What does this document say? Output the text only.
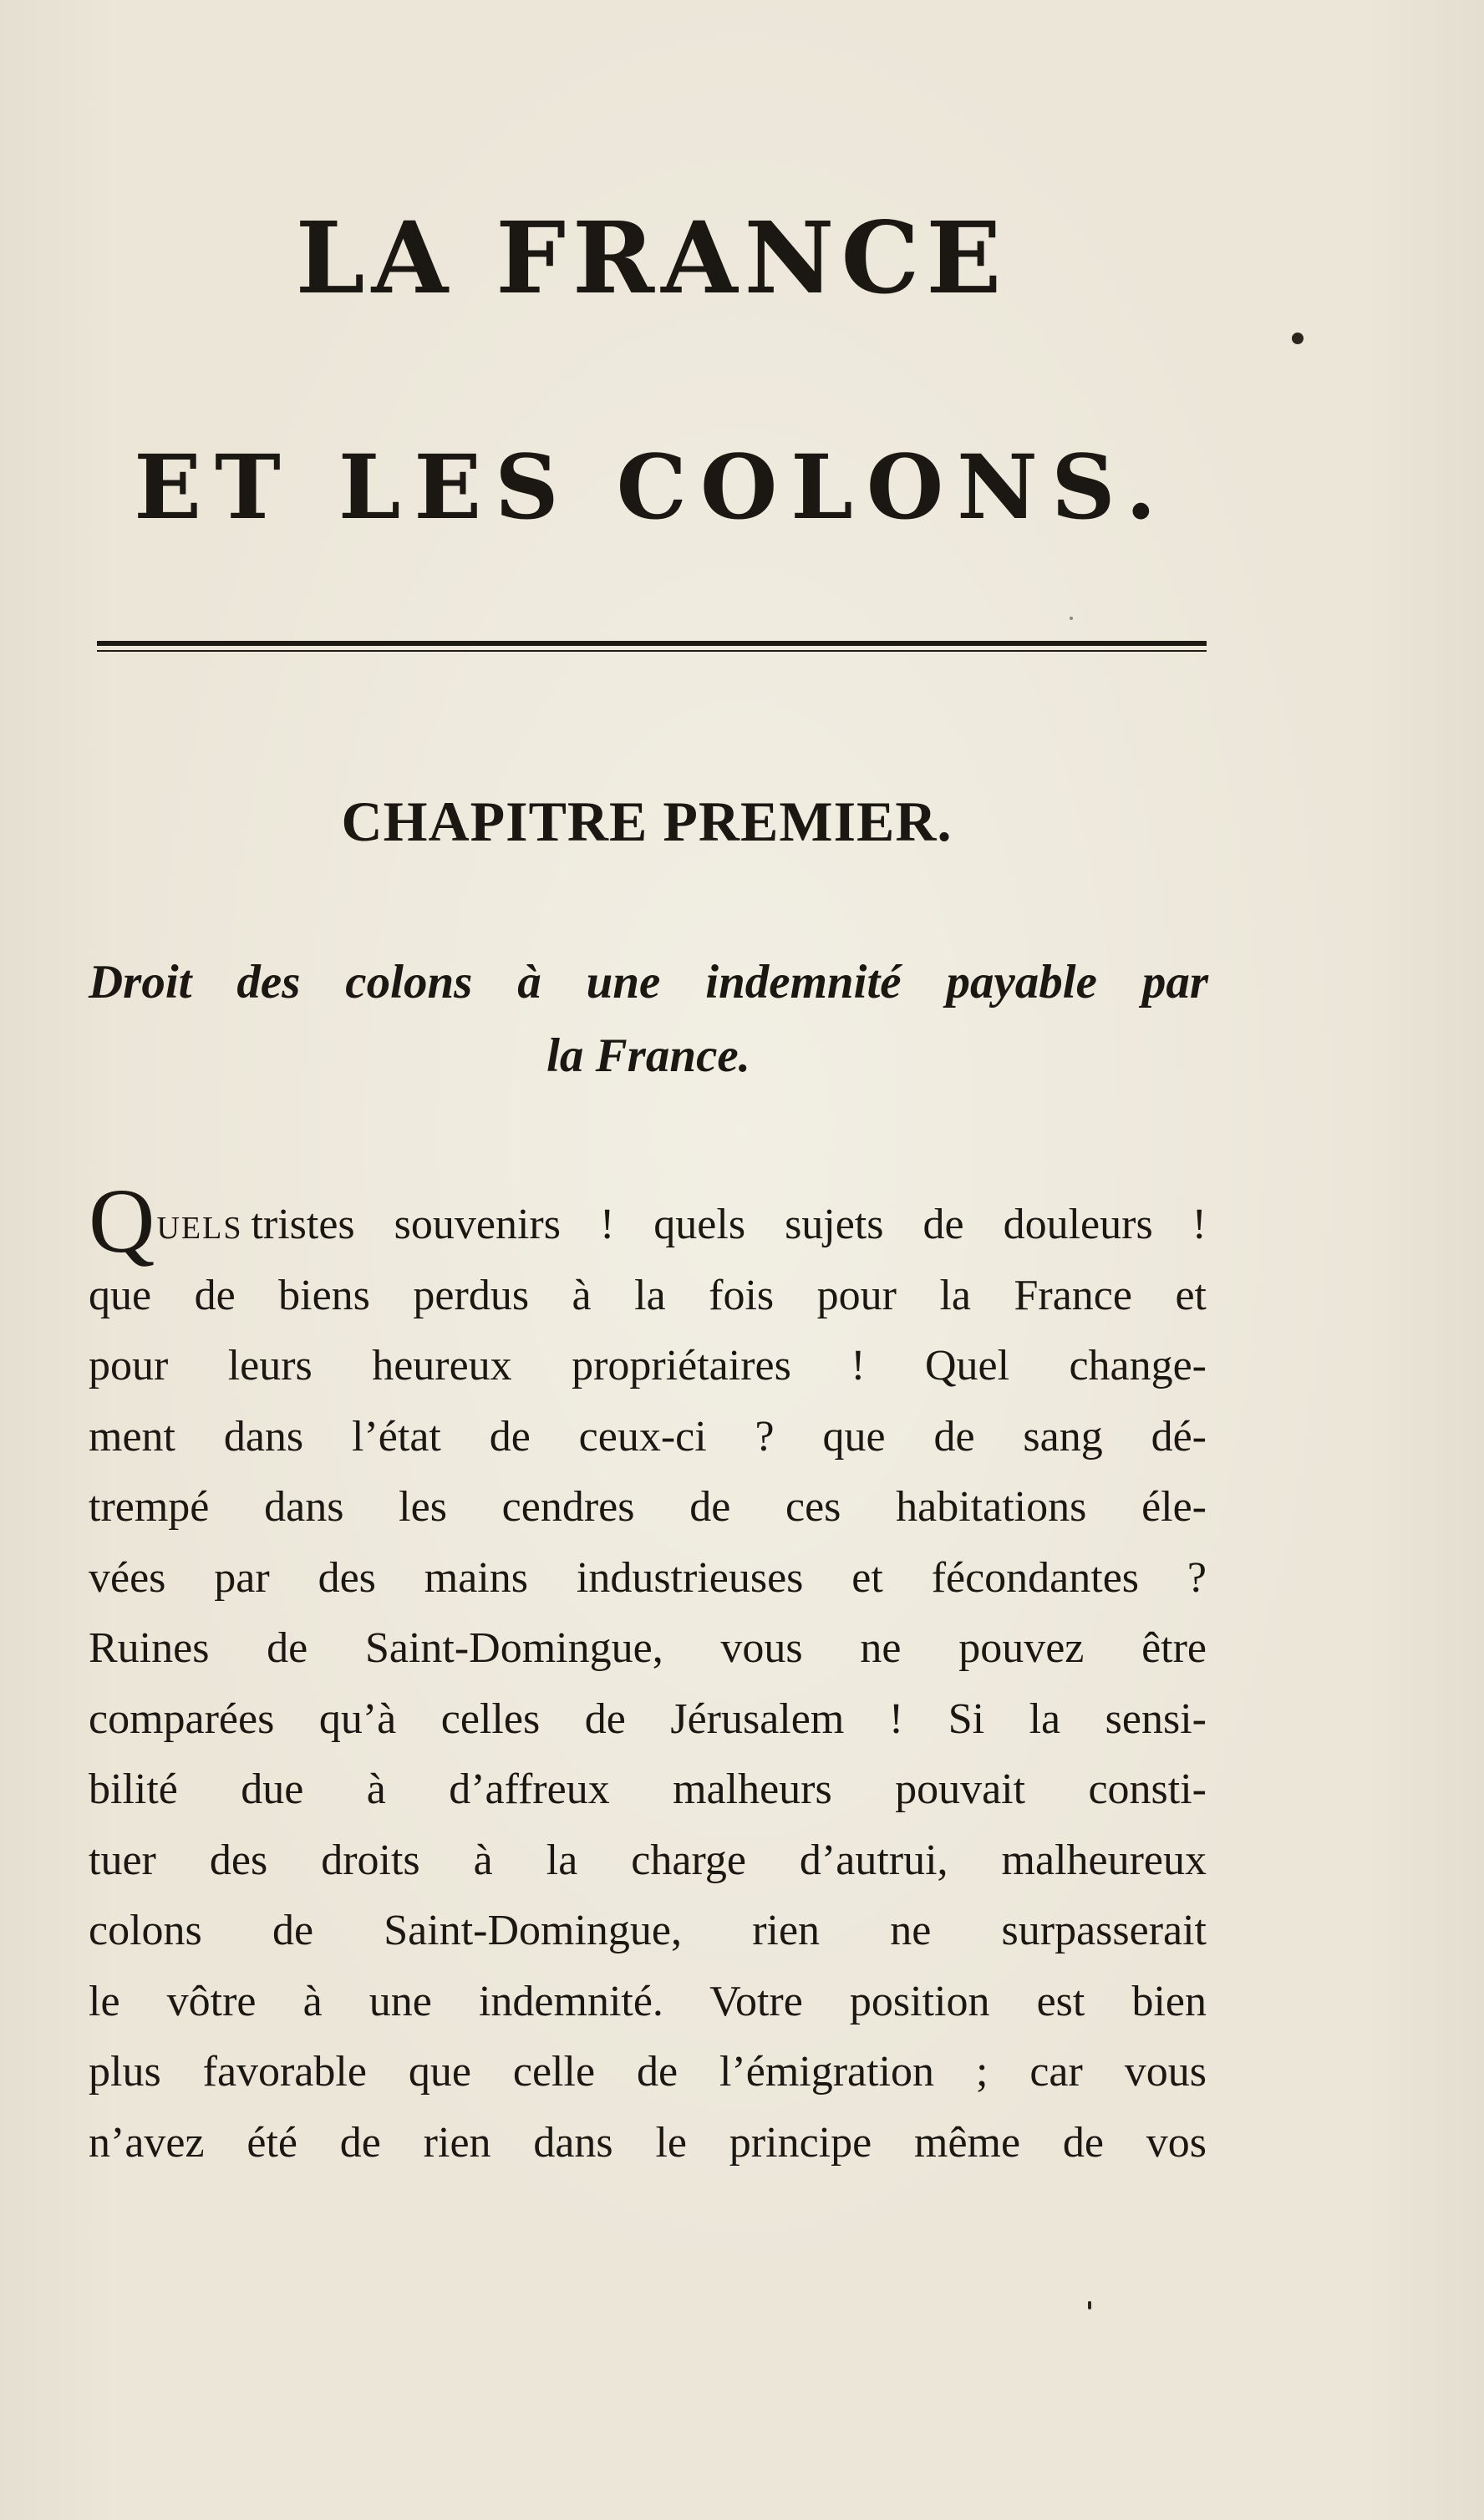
LA FRANCE
ET LES COLONS.
CHAPITRE PREMIER.
Droit des colons à une indemnité payable par
la France.
QUELS tristes souvenirs ! quels sujets de douleurs !
que de biens perdus à la fois pour la France et
pour leurs heureux propriétaires ! Quel change-
ment dans l’état de ceux-ci ? que de sang dé-
trempé dans les cendres de ces habitations éle-
vées par des mains industrieuses et fécondantes ?
Ruines de Saint-Domingue, vous ne pouvez être
comparées qu’à celles de Jérusalem ! Si la sensi-
bilité due à d’affreux malheurs pouvait consti-
tuer des droits à la charge d’autrui, malheureux
colons de Saint-Domingue, rien ne surpasserait
le vôtre à une indemnité. Votre position est bien
plus favorable que celle de l’émigration ; car vous
n’avez été de rien dans le principe même de vos
